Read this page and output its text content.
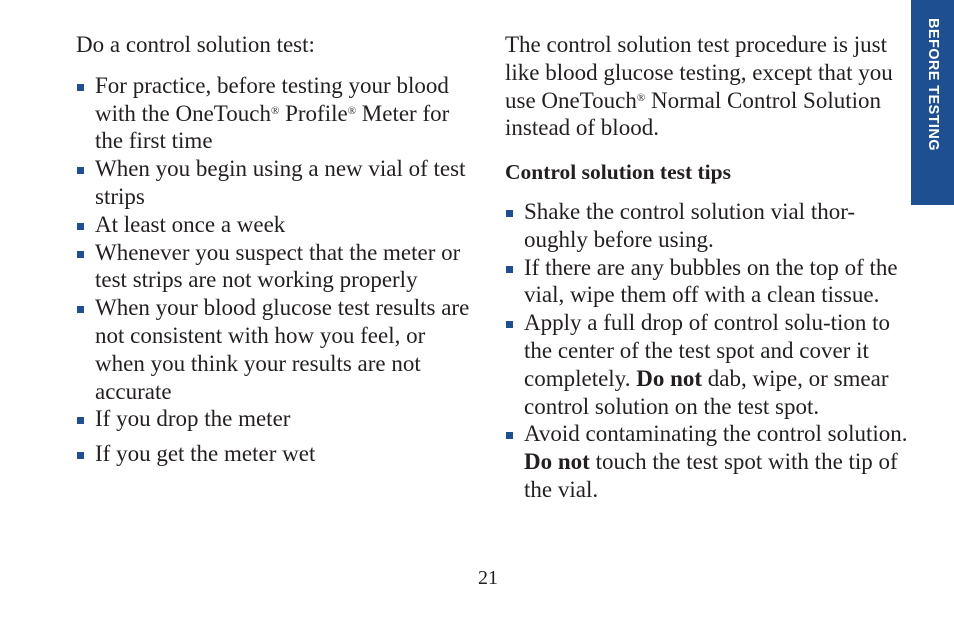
BEFORE TESTING

Do a control solution test:

For practice, before testing your blood with the OneTouch® Profile® Meter for the first time
When you begin using a new vial of test strips
At least once a week
Whenever you suspect that the meter or test strips are not working properly
When your blood glucose test results are not consistent with how you feel, or when you think your results are not accurate
If you drop the meter
If you get the meter wet

The control solution test procedure is just like blood glucose testing, except that you use OneTouch® Normal Control Solution instead of blood.

Control solution test tips

Shake the control solution vial thor-oughly before using.
If there are any bubbles on the top of the vial, wipe them off with a clean tissue.
Apply a full drop of control solu-tion to the center of the test spot and cover it completely. Do not dab, wipe, or smear control solution on the test spot.
Avoid contaminating the control solution. Do not touch the test spot with the tip of the vial.
21
